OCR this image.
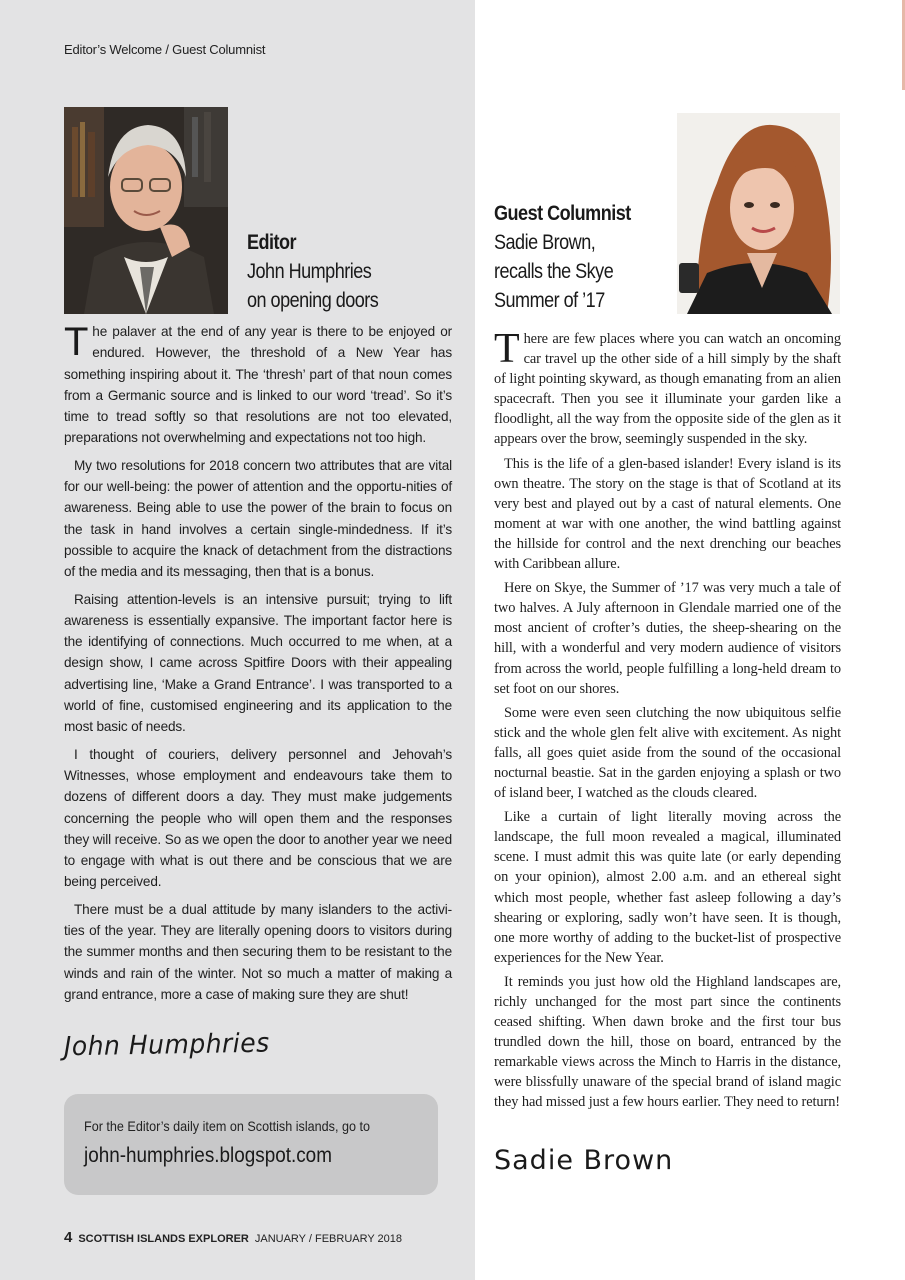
Editor’s Welcome / Guest Columnist
Editor
John Humphries
on opening doors

The palaver at the end of any year is there to be enjoyed or endured. However, the threshold of a New Year has something inspiring about it. The ‘thresh’ part of that noun comes from a Germanic source and is linked to our word ‘tread’. So it’s time to tread softly so that resolutions are not too elevated, preparations not overwhelming and expectations not too high.

My two resolutions for 2018 concern two attributes that are vital for our well-being: the power of attention and the opportu-nities of awareness. Being able to use the power of the brain to focus on the task in hand involves a certain single-mindedness. If it’s possible to acquire the knack of detachment from the distractions of the media and its messaging, then that is a bonus.

Raising attention-levels is an intensive pursuit; trying to lift awareness is essentially expansive. The important factor here is the identifying of connections. Much occurred to me when, at a design show, I came across Spitfire Doors with their appealing advertising line, ‘Make a Grand Entrance’. I was transported to a world of fine, customised engineering and its application to the most basic of needs.

I thought of couriers, delivery personnel and Jehovah’s Witnesses, whose employment and endeavours take them to dozens of different doors a day. They must make judgements concerning the people who will open them and the responses they will receive. So as we open the door to another year we need to engage with what is out there and be conscious that we are being perceived.

There must be a dual attitude by many islanders to the activi-ties of the year. They are literally opening doors to visitors during the summer months and then securing them to be resistant to the winds and rain of the winter. Not so much a matter of making a grand entrance, more a case of making sure they are shut!

John Humphries
For the Editor’s daily item on Scottish islands, go to
john-humphries.blogspot.com
4 SCOTTISH ISLANDS EXPLORER JANUARY / FEBRUARY 2018
Guest Columnist
Sadie Brown,
recalls the Skye
Summer of ’17

There are few places where you can watch an oncoming car travel up the other side of a hill simply by the shaft of light pointing skyward, as though emanating from an alien spacecraft. Then you see it illuminate your garden like a floodlight, all the way from the opposite side of the glen as it appears over the brow, seemingly suspended in the sky.

This is the life of a glen-based islander! Every island is its own theatre. The story on the stage is that of Scotland at its very best and played out by a cast of natural elements. One moment at war with one another, the wind battling against the hillside for control and the next drenching our beaches with Caribbean allure.

Here on Skye, the Summer of ’17 was very much a tale of two halves. A July afternoon in Glendale married one of the most ancient of crofter’s duties, the sheep-shearing on the hill, with a wonderful and very modern audience of visitors from across the world, people fulfilling a long-held dream to set foot on our shores.

Some were even seen clutching the now ubiquitous selfie stick and the whole glen felt alive with excitement. As night falls, all goes quiet aside from the sound of the occasional nocturnal beastie. Sat in the garden enjoying a splash or two of island beer, I watched as the clouds cleared.

Like a curtain of light literally moving across the landscape, the full moon revealed a magical, illuminated scene. I must admit this was quite late (or early depending on your opinion), almost 2.00 a.m. and an ethereal sight which most people, whether fast asleep following a day’s shearing or exploring, sadly won’t have seen. It is though, one more worthy of adding to the bucket-list of prospective experiences for the New Year.

It reminds you just how old the Highland landscapes are, richly unchanged for the most part since the continents ceased shifting. When dawn broke and the first tour bus trundled down the hill, those on board, entranced by the remarkable views across the Minch to Harris in the distance, were blissfully unaware of the special brand of island magic they had missed just a few hours earlier. They need to return!

Sadie Brown
